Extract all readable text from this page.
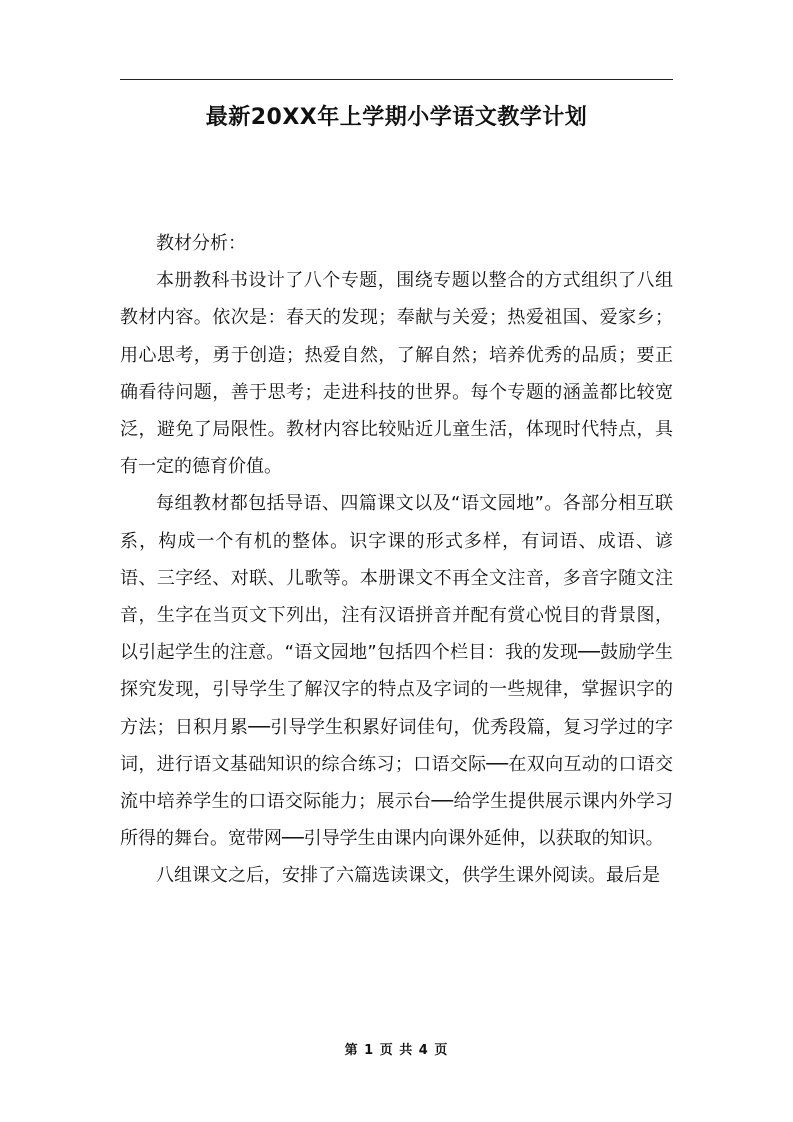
最新20XX年上学期小学语文教学计划

教材分析：

本册教科书设计了八个专题，围绕专题以整合的方式组织了八组教材内容。依次是：春天的发现；奉献与关爱；热爱祖国、爱家乡；用心思考，勇于创造；热爱自然，了解自然；培养优秀的品质；要正确看待问题，善于思考；走进科技的世界。每个专题的涵盖都比较宽泛，避免了局限性。教材内容比较贴近儿童生活，体现时代特点，具有一定的德育价值。

每组教材都包括导语、四篇课文以及“语文园地”。各部分相互联系，构成一个有机的整体。识字课的形式多样，有词语、成语、谚语、三字经、对联、儿歌等。本册课文不再全文注音，多音字随文注音，生字在当页文下列出，注有汉语拼音并配有赏心悦目的背景图，以引起学生的注意。“语文园地”包括四个栏目：我的发现──鼓励学生探究发现，引导学生了解汉字的特点及字词的一些规律，掌握识字的方法；日积月累──引导学生积累好词佳句，优秀段篇，复习学过的字词，进行语文基础知识的综合练习；口语交际──在双向互动的口语交流中培养学生的口语交际能力；展示台──给学生提供展示课内外学习所得的舞台。宽带网──引导学生由课内向课外延伸，以获取的知识。

八组课文之后，安排了六篇选读课文，供学生课外阅读。最后是

第 1 页 共 4 页
